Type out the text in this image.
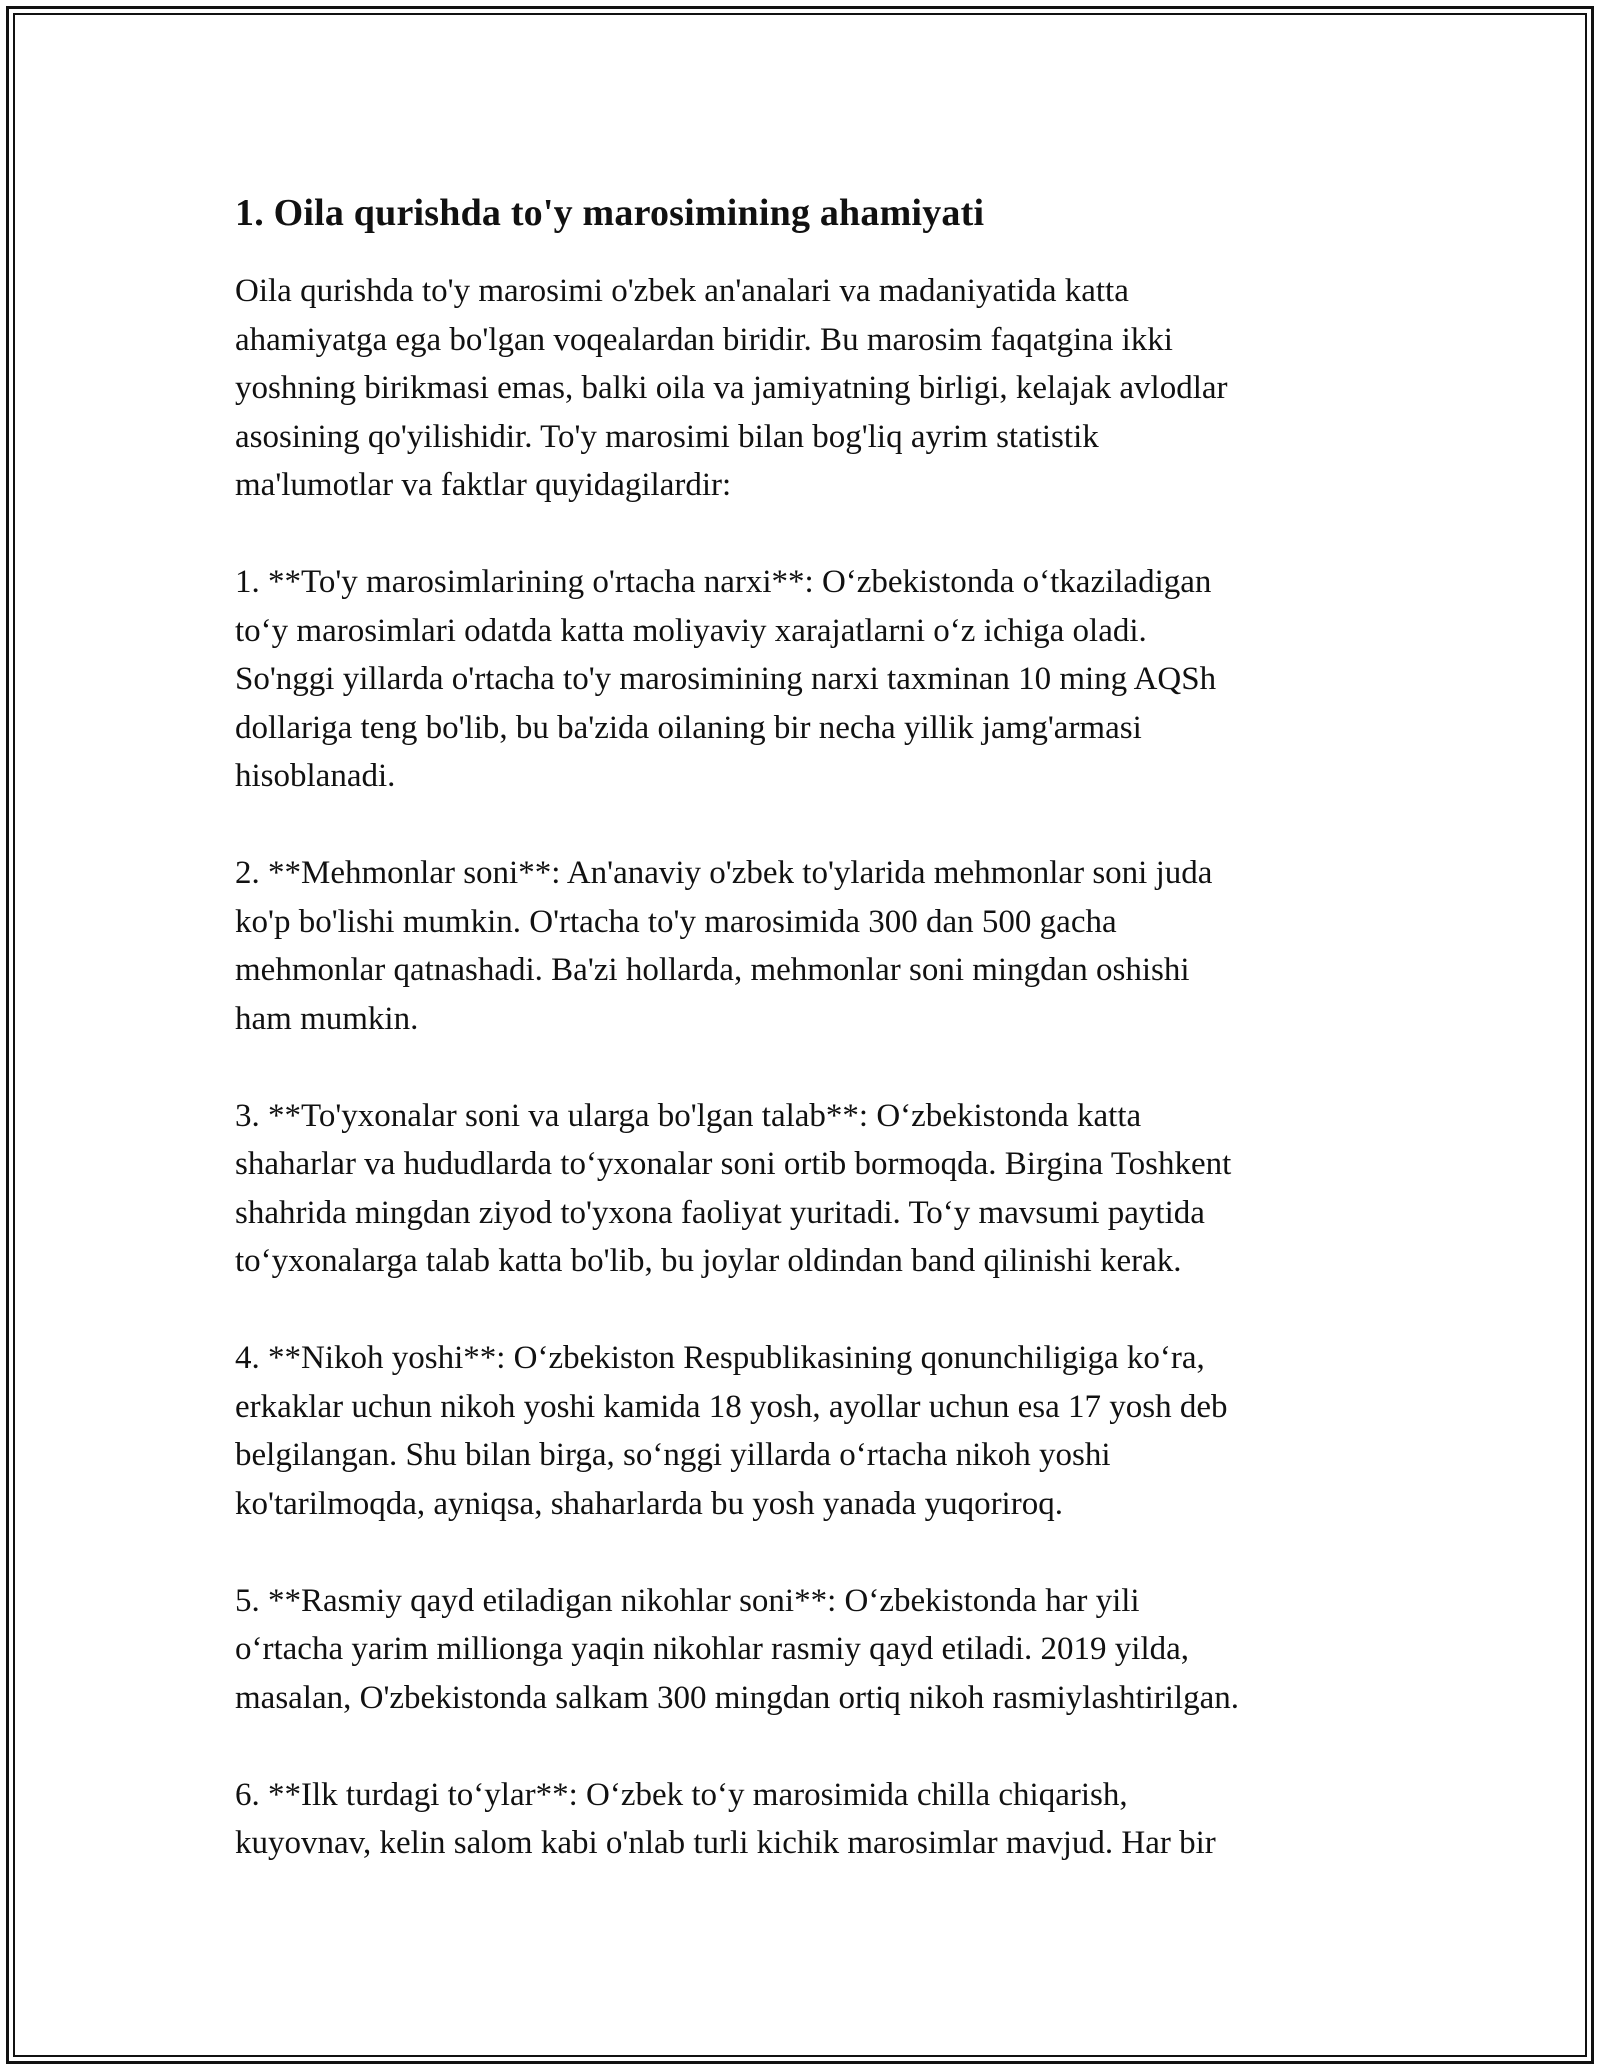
1. Oila qurishda to'y marosimining ahamiyati

Oila qurishda to'y marosimi o'zbek an'analari va madaniyatida katta
ahamiyatga ega bo'lgan voqealardan biridir. Bu marosim faqatgina ikki
yoshning birikmasi emas, balki oila va jamiyatning birligi, kelajak avlodlar
asosining qo'yilishidir. To'y marosimi bilan bog'liq ayrim statistik
ma'lumotlar va faktlar quyidagilardir:

1. **To'y marosimlarining o'rtacha narxi**: O‘zbekistonda o‘tkaziladigan
to‘y marosimlari odatda katta moliyaviy xarajatlarni o‘z ichiga oladi.
So'nggi yillarda o'rtacha to'y marosimining narxi taxminan 10 ming AQSh
dollariga teng bo'lib, bu ba'zida oilaning bir necha yillik jamg'armasi
hisoblanadi.

2. **Mehmonlar soni**: An'anaviy o'zbek to'ylarida mehmonlar soni juda
ko'p bo'lishi mumkin. O'rtacha to'y marosimida 300 dan 500 gacha
mehmonlar qatnashadi. Ba'zi hollarda, mehmonlar soni mingdan oshishi
ham mumkin.

3. **To'yxonalar soni va ularga bo'lgan talab**: O‘zbekistonda katta
shaharlar va hududlarda to‘yxonalar soni ortib bormoqda. Birgina Toshkent
shahrida mingdan ziyod to'yxona faoliyat yuritadi. To‘y mavsumi paytida
to‘yxonalarga talab katta bo'lib, bu joylar oldindan band qilinishi kerak.

4. **Nikoh yoshi**: O‘zbekiston Respublikasining qonunchiligiga ko‘ra,
erkaklar uchun nikoh yoshi kamida 18 yosh, ayollar uchun esa 17 yosh deb
belgilangan. Shu bilan birga, so‘nggi yillarda o‘rtacha nikoh yoshi
ko'tarilmoqda, ayniqsa, shaharlarda bu yosh yanada yuqoriroq.

5. **Rasmiy qayd etiladigan nikohlar soni**: O‘zbekistonda har yili
o‘rtacha yarim millionga yaqin nikohlar rasmiy qayd etiladi. 2019 yilda,
masalan, O'zbekistonda salkam 300 mingdan ortiq nikoh rasmiylashtirilgan.

6. **Ilk turdagi to‘ylar**: O‘zbek to‘y marosimida chilla chiqarish,
kuyovnav, kelin salom kabi o'nlab turli kichik marosimlar mavjud. Har bir
